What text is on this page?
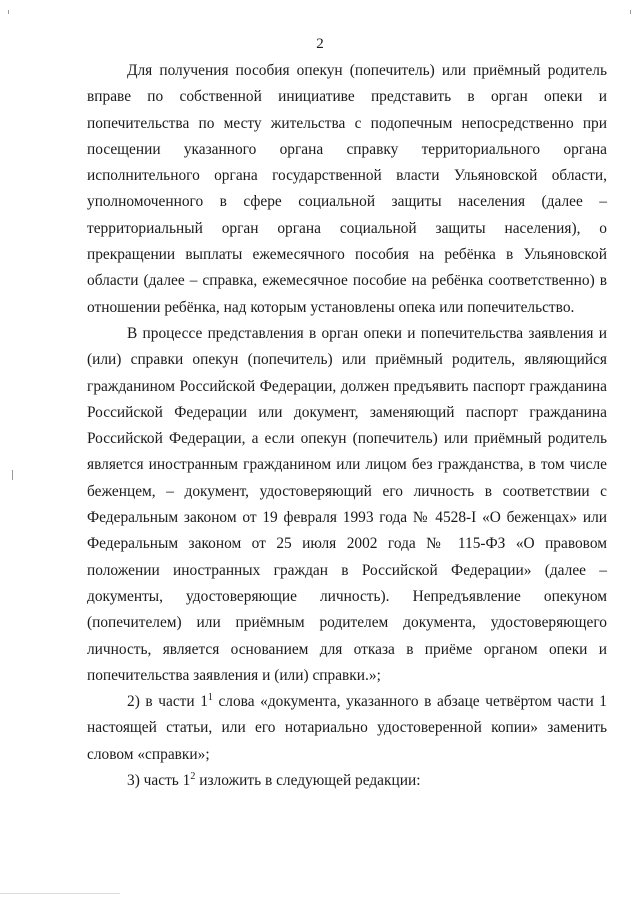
2

Для получения пособия опекун (попечитель) или приёмный родитель вправе по собственной инициативе представить в орган опеки и попечительства по месту жительства с подопечным непосредственно при посещении указанного органа справку территориального органа исполнительного органа государственной власти Ульяновской области, уполномоченного в сфере социальной защиты населения (далее – территориальный орган органа социальной защиты населения), о прекращении выплаты ежемесячного пособия на ребёнка в Ульяновской области (далее – справка, ежемесячное пособие на ребёнка соответственно) в отношении ребёнка, над которым установлены опека или попечительство.

В процессе представления в орган опеки и попечительства заявления и (или) справки опекун (попечитель) или приёмный родитель, являющийся гражданином Российской Федерации, должен предъявить паспорт гражданина Российской Федерации или документ, заменяющий паспорт гражданина Российской Федерации, а если опекун (попечитель) или приёмный родитель является иностранным гражданином или лицом без гражданства, в том числе беженцем, – документ, удостоверяющий его личность в соответствии с Федеральным законом от 19 февраля 1993 года № 4528-I «О беженцах» или Федеральным законом от 25 июля 2002 года № 115-ФЗ «О правовом положении иностранных граждан в Российской Федерации» (далее – документы, удостоверяющие личность). Непредъявление опекуном (попечителем) или приёмным родителем документа, удостоверяющего личность, является основанием для отказа в приёме органом опеки и попечительства заявления и (или) справки.»;

2) в части $1^1$ слова «документа, указанного в абзаце четвёртом части 1 настоящей статьи, или его нотариально удостоверенной копии» заменить словом «справки»;

3) часть $1^2$ изложить в следующей редакции:
